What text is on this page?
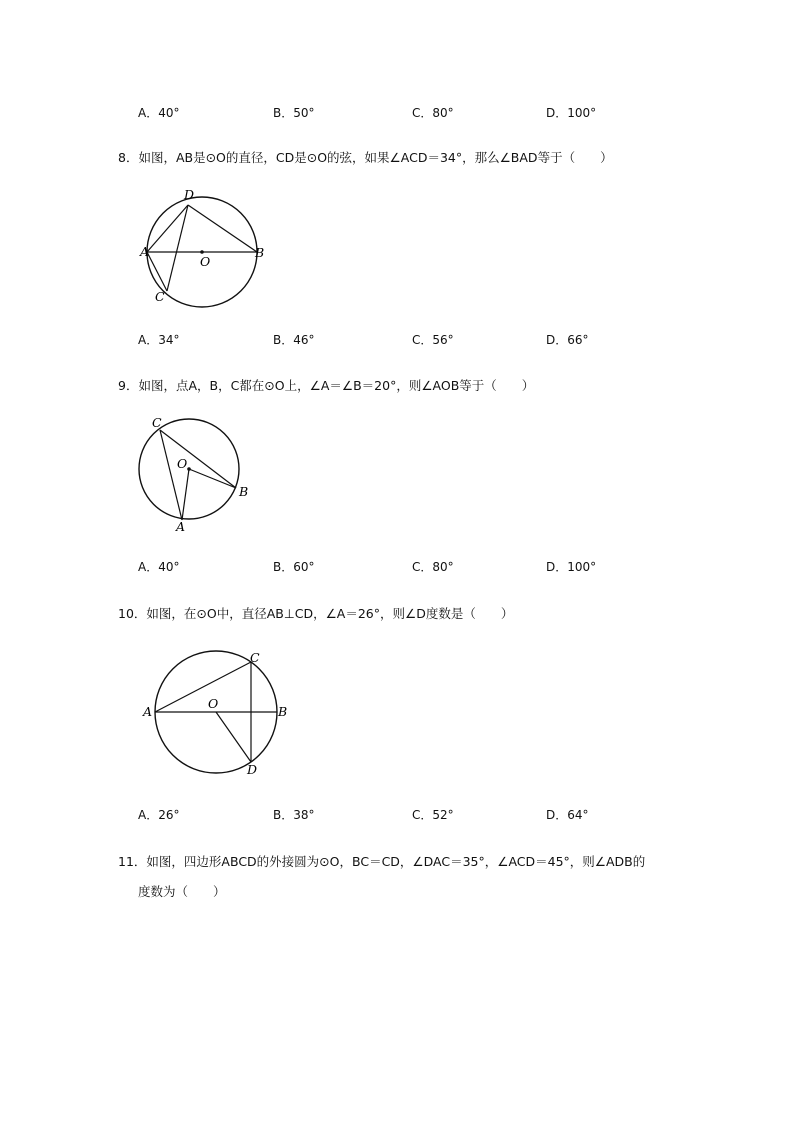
A．40°	B．50°	C．80°	D．100°
8．如图，AB是⊙O的直径，CD是⊙O的弦，如果∠ACD＝34°，那么∠BAD等于（　　）
D
A
O
B
C
A．34°	B．46°	C．56°	D．66°
9．如图，点A，B，C都在⊙O上，∠A＝∠B＝20°，则∠AOB等于（　　）
C
O
B
A
A．40°	B．60°	C．80°	D．100°
10．如图，在⊙O中，直径AB⊥CD，∠A＝26°，则∠D度数是（　　）
C
A
O
B
D
A．26°	B．38°	C．52°	D．64°
11．如图，四边形ABCD的外接圆为⊙O，BC＝CD，∠DAC＝35°，∠ACD＝45°，则∠ADB的
度数为（　　）
